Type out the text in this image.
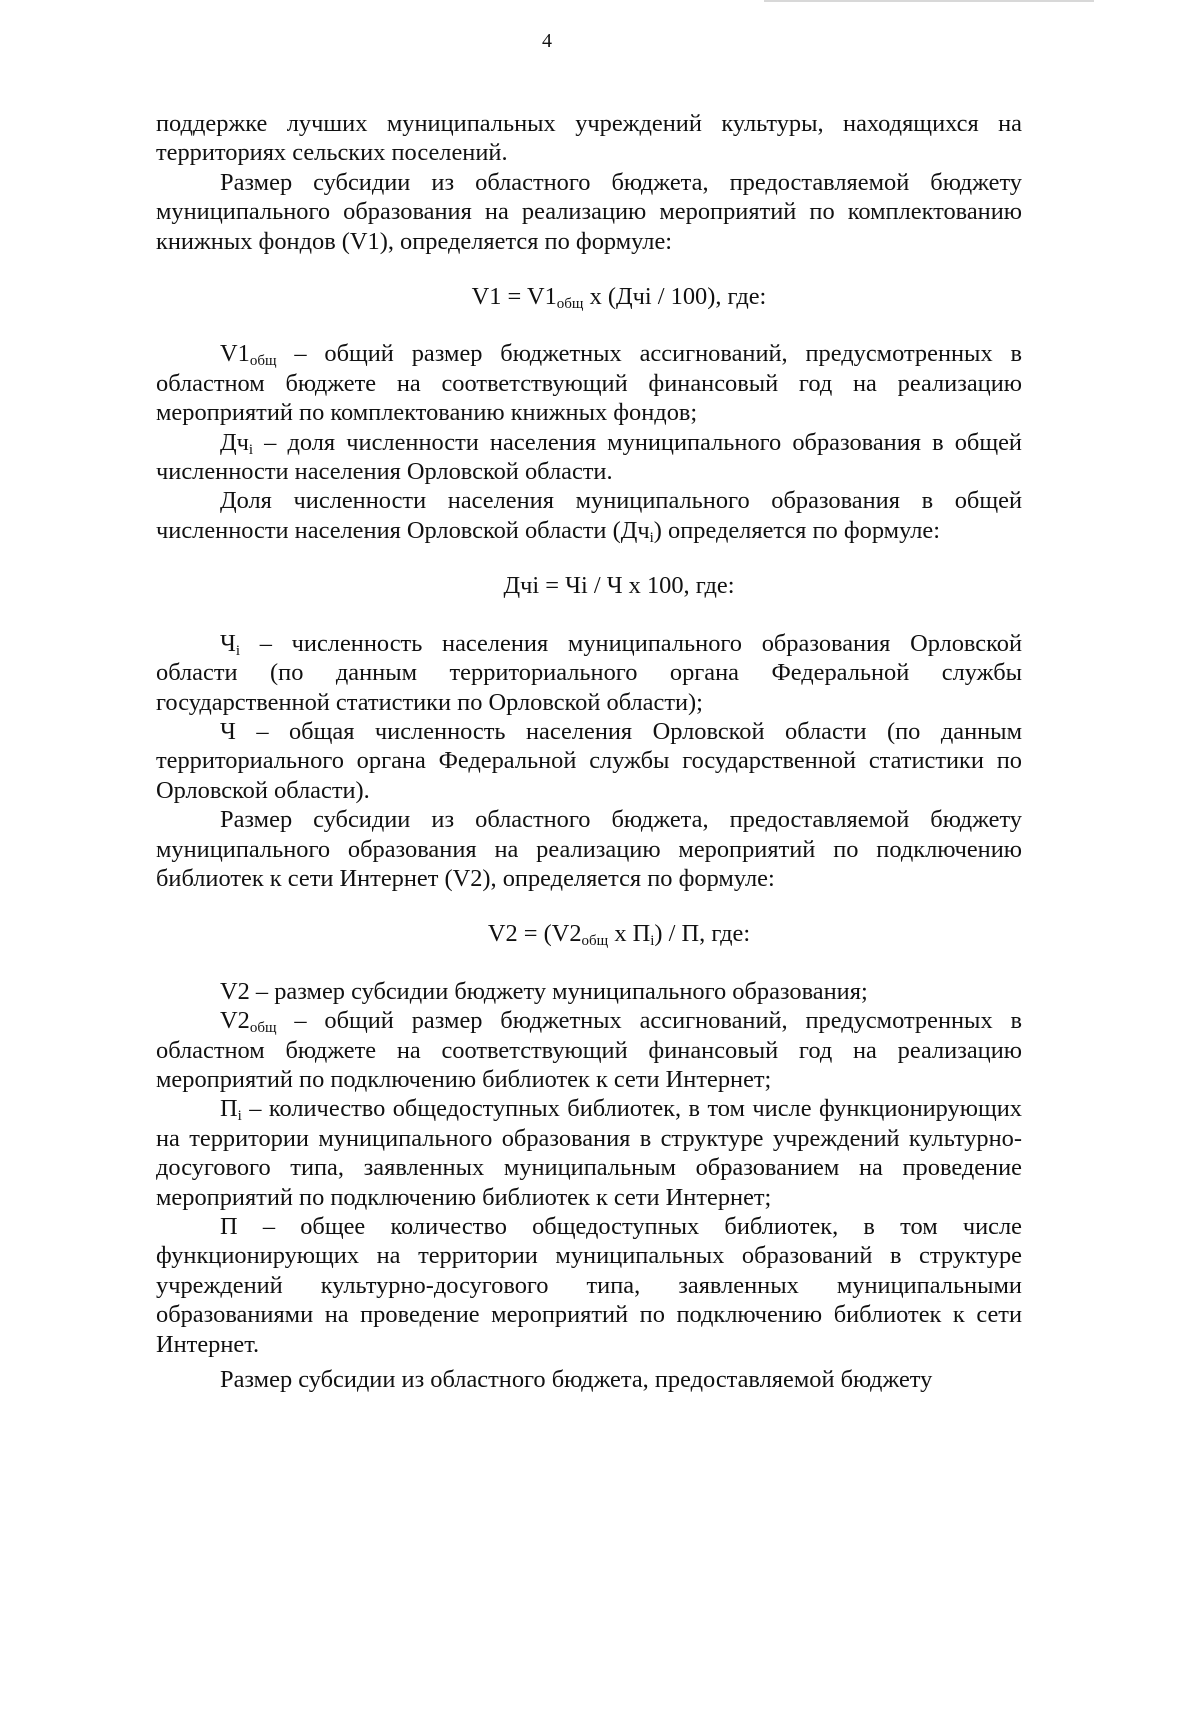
4

поддержке лучших муниципальных учреждений культуры, находящихся на территориях сельских поселений.

Размер субсидии из областного бюджета, предоставляемой бюджету муниципального образования на реализацию мероприятий по комплектованию книжных фондов (V1), определяется по формуле:

$V1 = V1_{общ}$ x (Дчi / 100), где:

$V1_{общ}$ – общий размер бюджетных ассигнований, предусмотренных в областном бюджете на соответствующий финансовый год на реализацию мероприятий по комплектованию книжных фондов;

$Дч_i$ – доля численности населения муниципального образования в общей численности населения Орловской области.

Доля численности населения муниципального образования в общей численности населения Орловской области $(Дч_i)$ определяется по формуле:

Дчi = Чi / Ч x 100, где:

$Ч_i$ – численность населения муниципального образования Орловской области (по данным территориального органа Федеральной службы государственной статистики по Орловской области);

Ч – общая численность населения Орловской области (по данным территориального органа Федеральной службы государственной статистики по Орловской области).

Размер субсидии из областного бюджета, предоставляемой бюджету муниципального образования на реализацию мероприятий по подключению библиотек к сети Интернет (V2), определяется по формуле:

$V2 = (V2_{общ}$ x $П_i$) / П, где:

V2 – размер субсидии бюджету муниципального образования;

$V2_{общ}$ – общий размер бюджетных ассигнований, предусмотренных в областном бюджете на соответствующий финансовый год на реализацию мероприятий по подключению библиотек к сети Интернет;

$П_i$ – количество общедоступных библиотек, в том числе функционирующих на территории муниципального образования в структуре учреждений культурно-досугового типа, заявленных муниципальным образованием на проведение мероприятий по подключению библиотек к сети Интернет;

П – общее количество общедоступных библиотек, в том числе функционирующих на территории муниципальных образований в структуре учреждений культурно-досугового типа, заявленных муниципальными образованиями на проведение мероприятий по подключению библиотек к сети Интернет.

Размер субсидии из областного бюджета, предоставляемой бюджету
